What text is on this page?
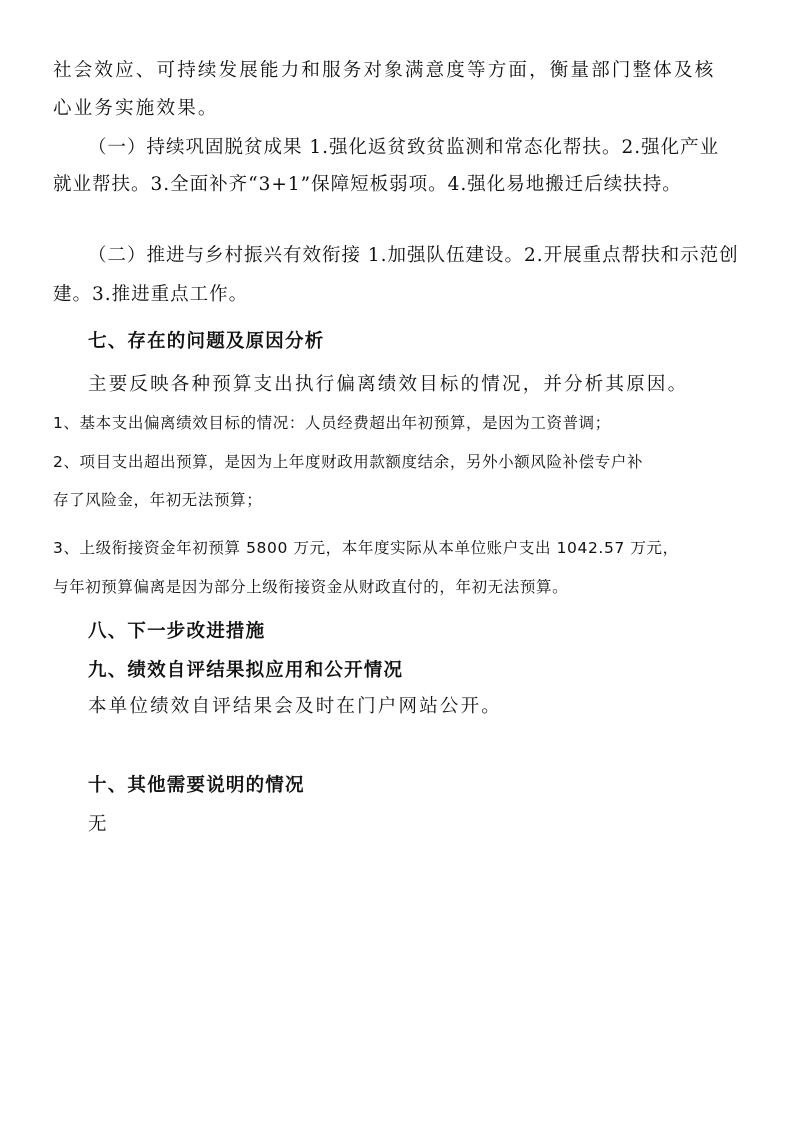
社会效应、可持续发展能力和服务对象满意度等方面，衡量部门整体及核
心业务实施效果。
（一）持续巩固脱贫成果 1.强化返贫致贫监测和常态化帮扶。2.强化产业
就业帮扶。3.全面补齐“3+1”保障短板弱项。4.强化易地搬迁后续扶持。
（二）推进与乡村振兴有效衔接 1.加强队伍建设。2.开展重点帮扶和示范创
建。3.推进重点工作。
七、存在的问题及原因分析
主要反映各种预算支出执行偏离绩效目标的情况，并分析其原因。
1、基本支出偏离绩效目标的情况：人员经费超出年初预算，是因为工资普调；
2、项目支出超出预算，是因为上年度财政用款额度结余，另外小额风险补偿专户补
存了风险金，年初无法预算；
3、上级衔接资金年初预算 5800 万元，本年度实际从本单位账户支出 1042.57 万元，
与年初预算偏离是因为部分上级衔接资金从财政直付的，年初无法预算。
八、下一步改进措施
九、绩效自评结果拟应用和公开情况
本单位绩效自评结果会及时在门户网站公开。
十、其他需要说明的情况
无
